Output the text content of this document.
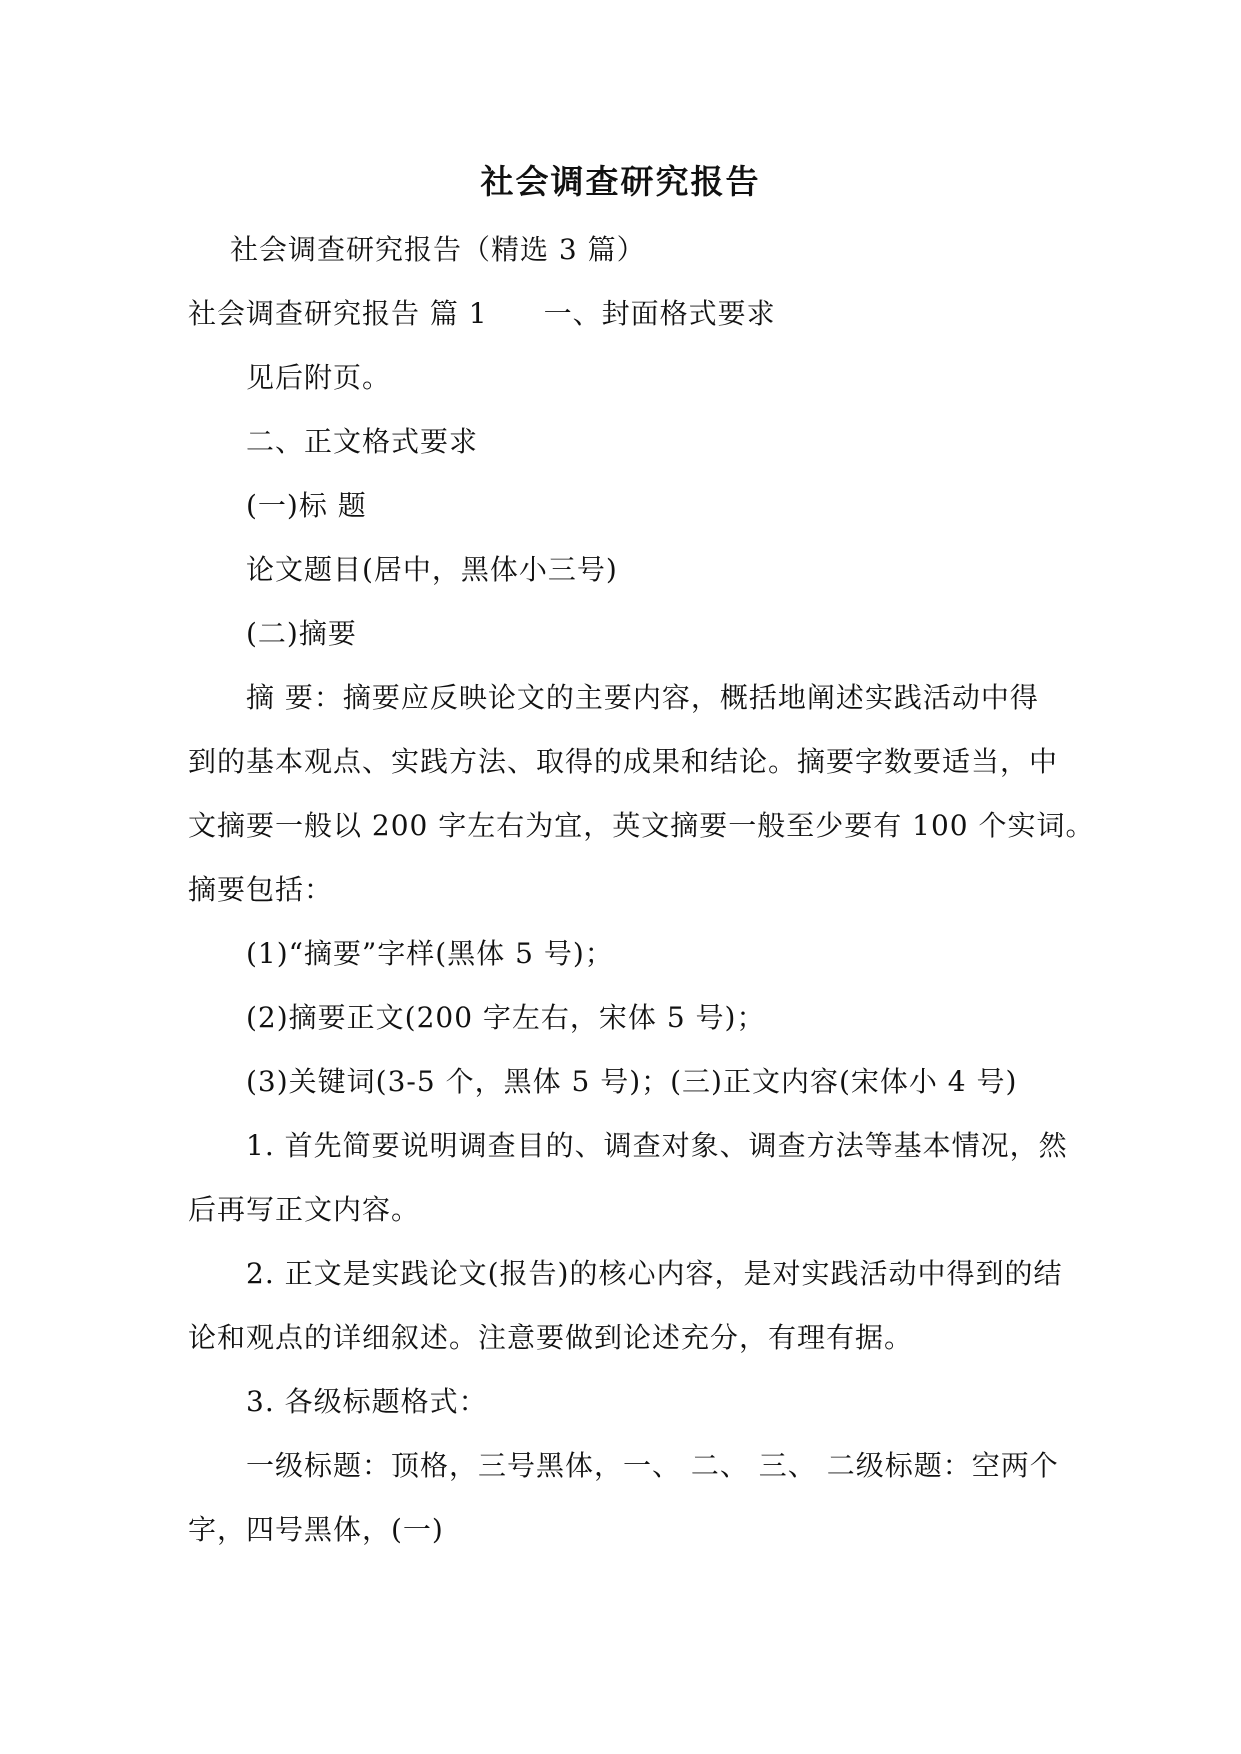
社会调查研究报告
社会调查研究报告（精选 3 篇）
社会调查研究报告 篇 1 一、封面格式要求
见后附页。
二、正文格式要求
(一)标 题
论文题目(居中，黑体小三号)
(二)摘要
摘 要：摘要应反映论文的主要内容，概括地阐述实践活动中得
到的基本观点、实践方法、取得的成果和结论。摘要字数要适当，中
文摘要一般以 200 字左右为宜，英文摘要一般至少要有 100 个实词。
摘要包括：
(1)“摘要”字样(黑体 5 号)；
(2)摘要正文(200 字左右，宋体 5 号)；
(3)关键词(3-5 个，黑体 5 号)；(三)正文内容(宋体小 4 号)
1. 首先简要说明调查目的、调查对象、调查方法等基本情况，然
后再写正文内容。
2. 正文是实践论文(报告)的核心内容，是对实践活动中得到的结
论和观点的详细叙述。注意要做到论述充分，有理有据。
3. 各级标题格式：
一级标题：顶格，三号黑体，一、 二、 三、 二级标题：空两个
字，四号黑体，(一)
